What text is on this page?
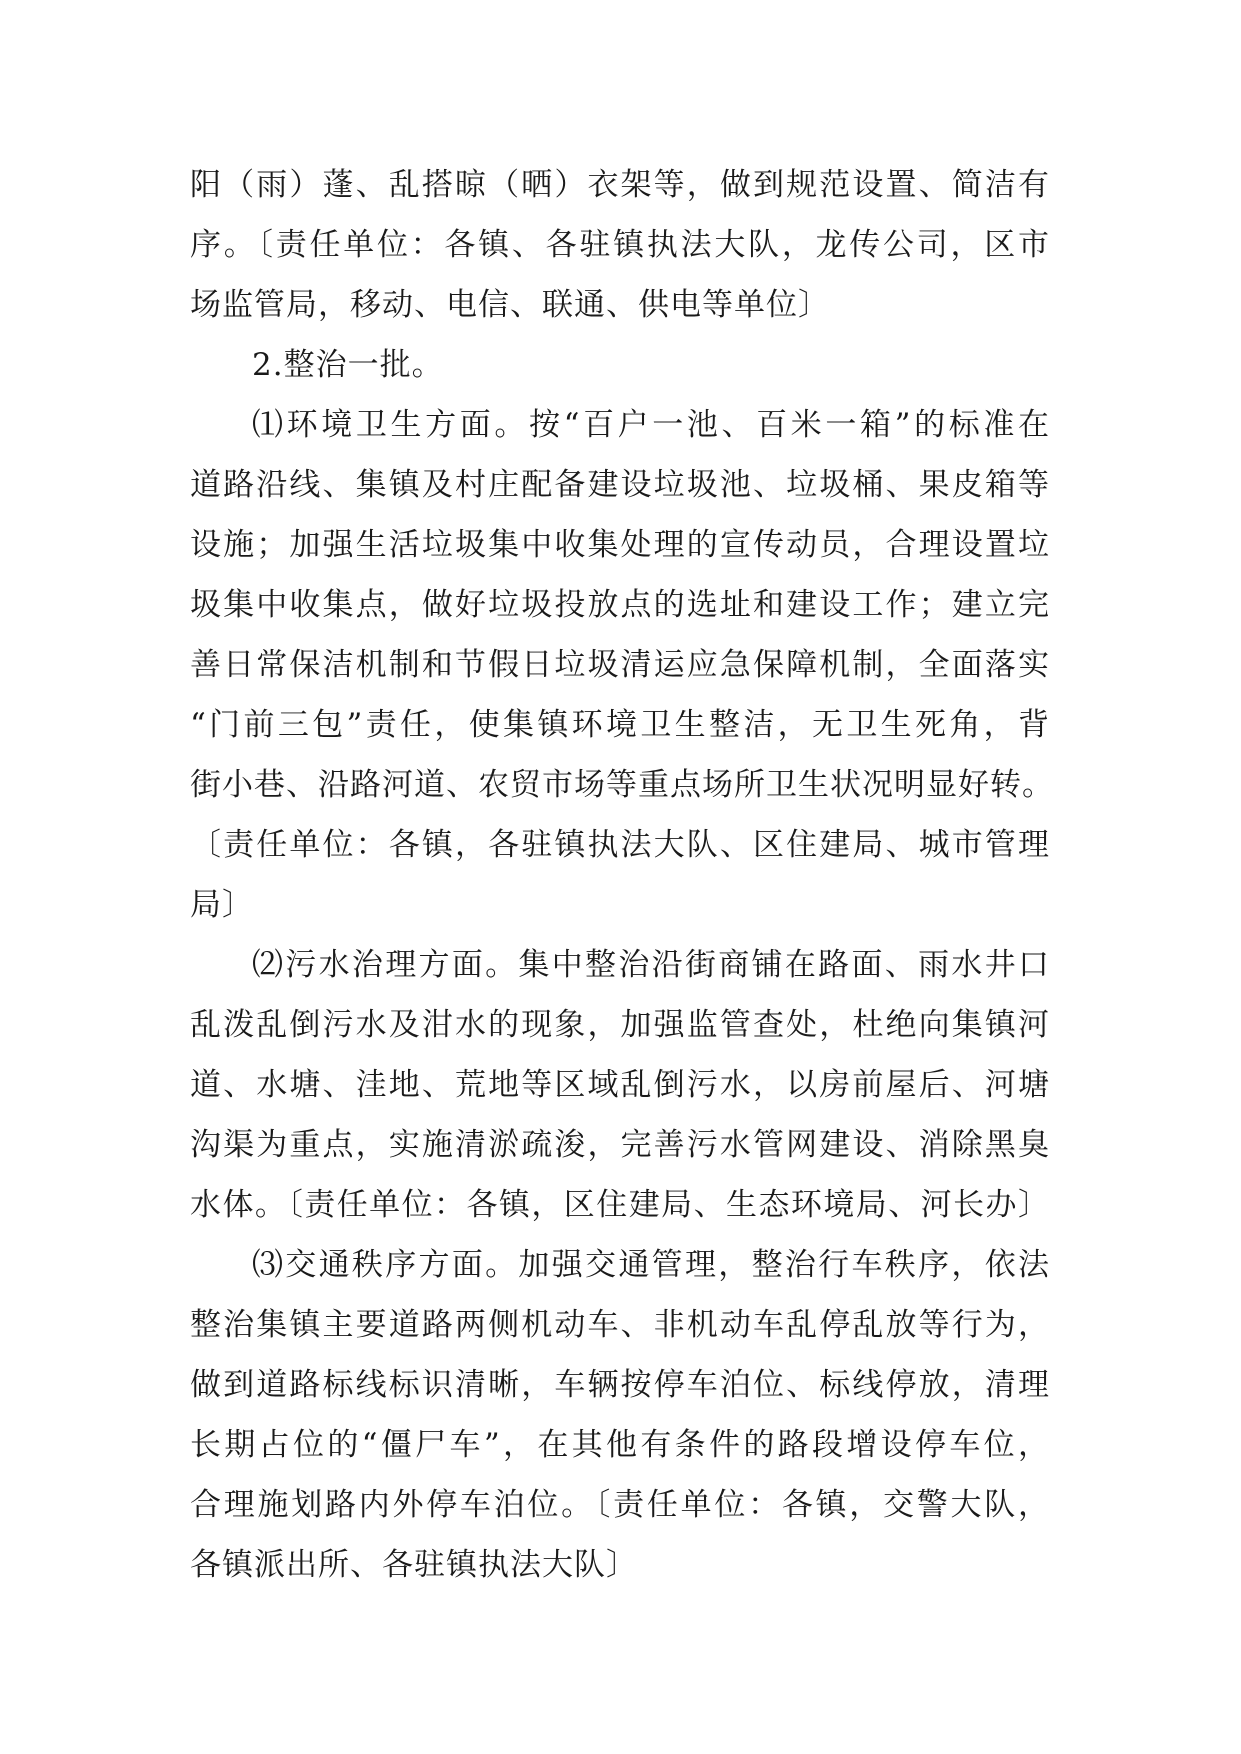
阳（雨）蓬、乱搭晾（晒）衣架等，做到规范设置、简洁有
序。〔责任单位：各镇、各驻镇执法大队，龙传公司，区市
场监管局，移动、电信、联通、供电等单位〕
2.整治一批。
⑴环境卫生方面。按“百户一池、百米一箱”的标准在
道路沿线、集镇及村庄配备建设垃圾池、垃圾桶、果皮箱等
设施；加强生活垃圾集中收集处理的宣传动员，合理设置垃
圾集中收集点，做好垃圾投放点的选址和建设工作；建立完
善日常保洁机制和节假日垃圾清运应急保障机制，全面落实
“门前三包”责任，使集镇环境卫生整洁，无卫生死角，背
街小巷、沿路河道、农贸市场等重点场所卫生状况明显好转。
〔责任单位：各镇，各驻镇执法大队、区住建局、城市管理
局〕
⑵污水治理方面。集中整治沿街商铺在路面、雨水井口
乱泼乱倒污水及泔水的现象，加强监管查处，杜绝向集镇河
道、水塘、洼地、荒地等区域乱倒污水，以房前屋后、河塘
沟渠为重点，实施清淤疏浚，完善污水管网建设、消除黑臭
水体。〔责任单位：各镇，区住建局、生态环境局、河长办〕
⑶交通秩序方面。加强交通管理，整治行车秩序，依法
整治集镇主要道路两侧机动车、非机动车乱停乱放等行为，
做到道路标线标识清晰，车辆按停车泊位、标线停放，清理
长期占位的“僵尸车”，在其他有条件的路段增设停车位，
合理施划路内外停车泊位。〔责任单位：各镇，交警大队，
各镇派出所、各驻镇执法大队〕
